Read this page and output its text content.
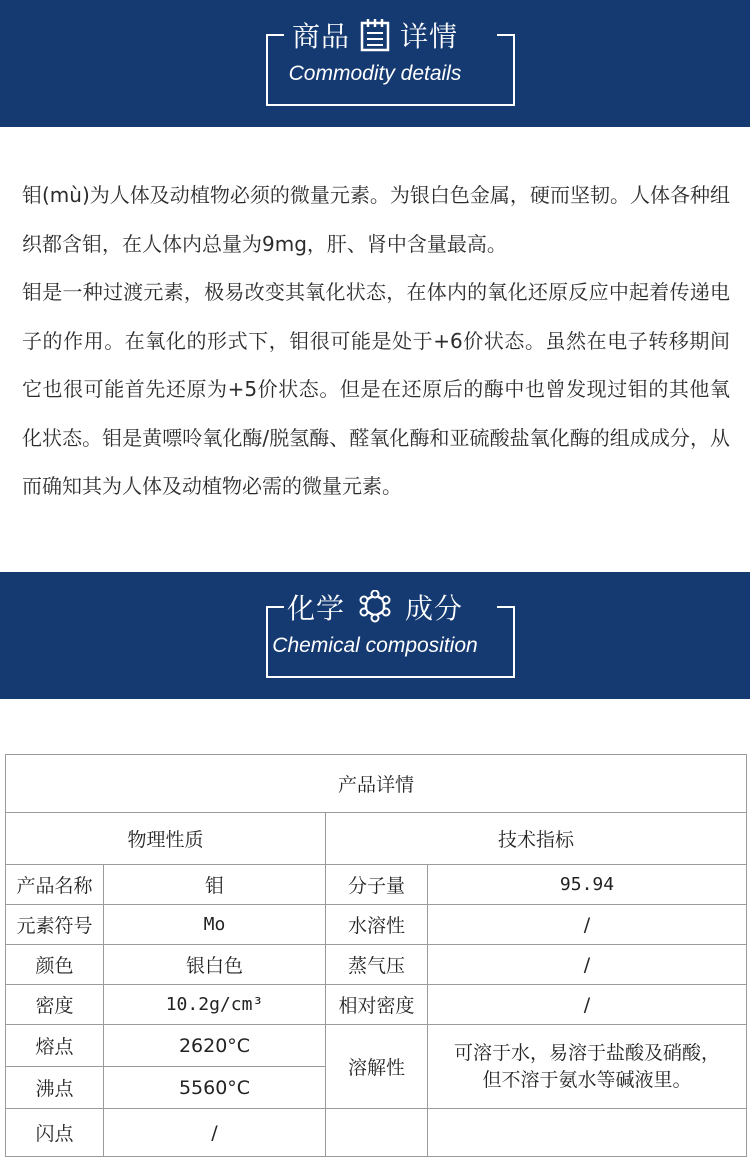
商品 详情
Commodity details

钼(mù)为人体及动植物必须的微量元素。为银白色金属，硬而坚韧。人体各种组织都含钼，在人体内总量为9mg，肝、肾中含量最高。

钼是一种过渡元素，极易改变其氧化状态，在体内的氧化还原反应中起着传递电子的作用。在氧化的形式下，钼很可能是处于+6价状态。虽然在电子转移期间它也很可能首先还原为+5价状态。但是在还原后的酶中也曾发现过钼的其他氧化状态。钼是黄嘌呤氧化酶/脱氢酶、醛氧化酶和亚硫酸盐氧化酶的组成成分，从而确知其为人体及动植物必需的微量元素。

化学 成分
Chemical composition
产品详情			
物理性质		技术指标	
产品名称	钼	分子量	95.94
元素符号	Mo	水溶性	/
颜色	银白色	蒸气压	/
密度	10.2g/cm³	相对密度	/
熔点	2620°C	溶解性	可溶于水，易溶于盐酸及硝酸，
但不溶于氨水等碱液里。

沸点	5560°C		
闪点	/		
